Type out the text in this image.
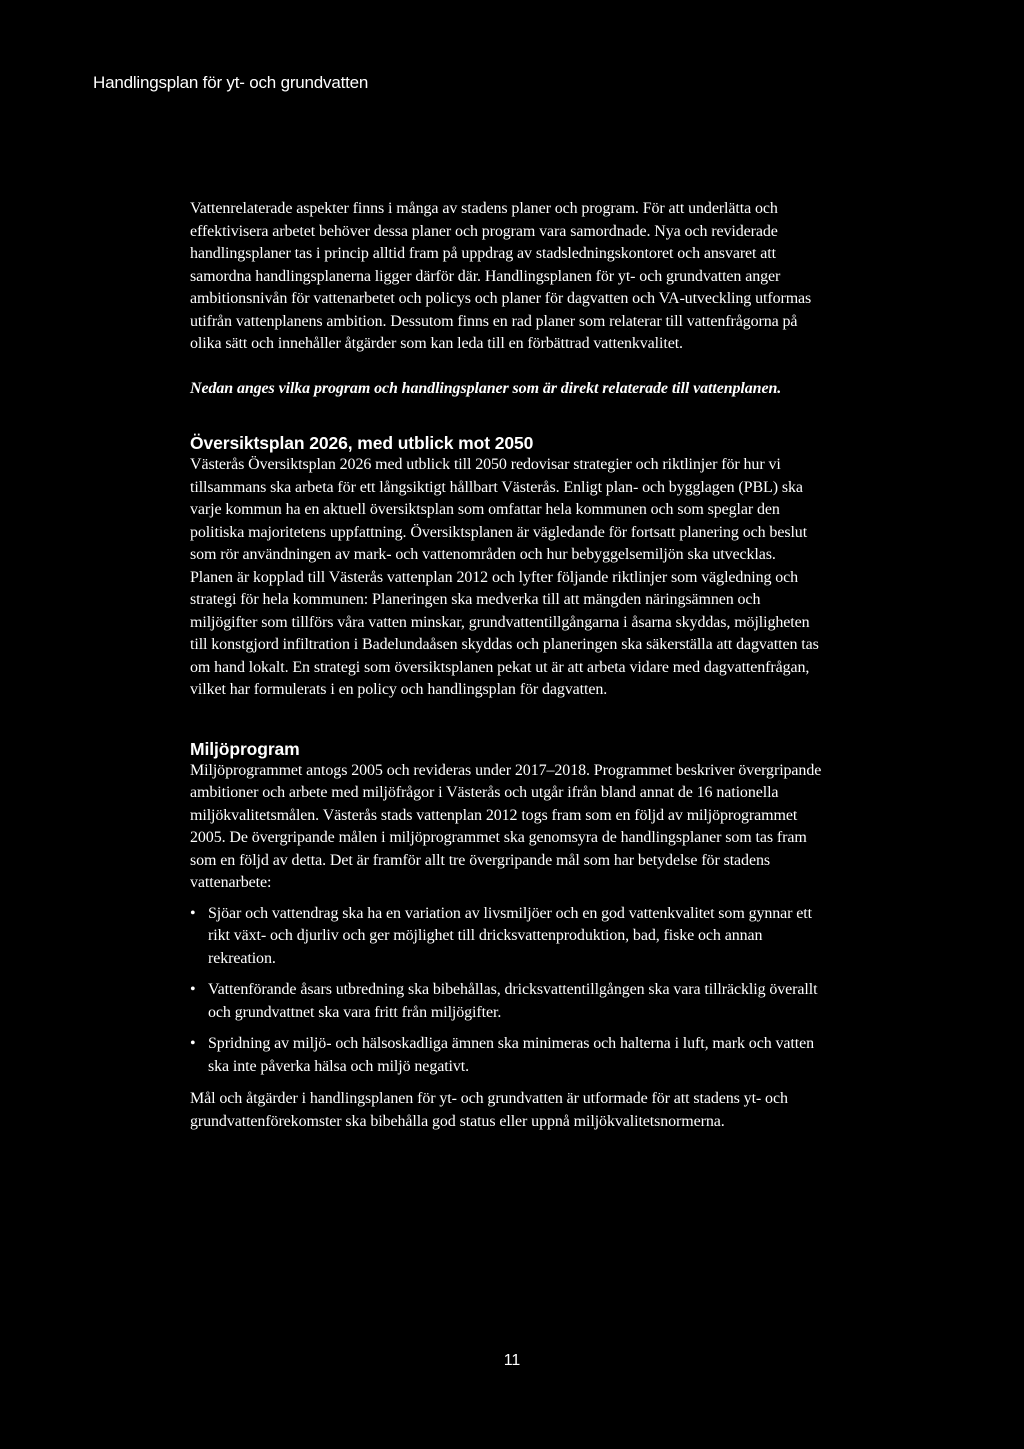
Handlingsplan för yt- och grundvatten

Vattenrelaterade aspekter finns i många av stadens planer och program. För att underlätta och effektivisera arbetet behöver dessa planer och program vara samordnade. Nya och reviderade handlingsplaner tas i princip alltid fram på uppdrag av stadsledningskontoret och ansvaret att samordna handlingsplanerna ligger därför där. Handlingsplanen för yt- och grundvatten anger ambitionsnivån för vattenarbetet och policys och planer för dagvatten och VA-utveckling utformas utifrån vattenplanens ambition. Dessutom finns en rad planer som relaterar till vattenfrågorna på olika sätt och innehåller åtgärder som kan leda till en förbättrad vattenkvalitet.

Nedan anges vilka program och handlingsplaner som är direkt relaterade till vattenplanen.

Översiktsplan 2026, med utblick mot 2050

Västerås Översiktsplan 2026 med utblick till 2050 redovisar strategier och riktlinjer för hur vi tillsammans ska arbeta för ett långsiktigt hållbart Västerås. Enligt plan- och bygglagen (PBL) ska varje kommun ha en aktuell översiktsplan som omfattar hela kommunen och som speglar den politiska majoritetens uppfattning. Översiktsplanen är vägledande för fortsatt planering och beslut som rör användningen av mark- och vattenområden och hur bebyggelsemiljön ska utvecklas. Planen är kopplad till Västerås vattenplan 2012 och lyfter följande riktlinjer som vägledning och strategi för hela kommunen: Planeringen ska medverka till att mängden näringsämnen och miljögifter som tillförs våra vatten minskar, grundvattentillgångarna i åsarna skyddas, möjligheten till konstgjord infiltration i Badelundaåsen skyddas och planeringen ska säkerställa att dagvatten tas om hand lokalt. En strategi som översiktsplanen pekat ut är att arbeta vidare med dagvattenfrågan, vilket har formulerats i en policy och handlingsplan för dagvatten.

Miljöprogram

Miljöprogrammet antogs 2005 och revideras under 2017–2018. Programmet beskriver övergripande ambitioner och arbete med miljöfrågor i Västerås och utgår ifrån bland annat de 16 nationella miljökvalitetsmålen. Västerås stads vattenplan 2012 togs fram som en följd av miljöprogrammet 2005. De övergripande målen i miljöprogrammet ska genomsyra de handlingsplaner som tas fram som en följd av detta. Det är framför allt tre övergripande mål som har betydelse för stadens vattenarbete:

• Sjöar och vattendrag ska ha en variation av livsmiljöer och en god vattenkvalitet som gynnar ett rikt växt- och djurliv och ger möjlighet till dricksvattenproduktion, bad, fiske och annan rekreation.
• Vattenförande åsars utbredning ska bibehållas, dricksvattentillgången ska vara tillräcklig överallt och grundvattnet ska vara fritt från miljögifter.
• Spridning av miljö- och hälsoskadliga ämnen ska minimeras och halterna i luft, mark och vatten ska inte påverka hälsa och miljö negativt.

Mål och åtgärder i handlingsplanen för yt- och grundvatten är utformade för att stadens yt- och grundvattenförekomster ska bibehålla god status eller uppnå miljökvalitetsnormerna.

11
